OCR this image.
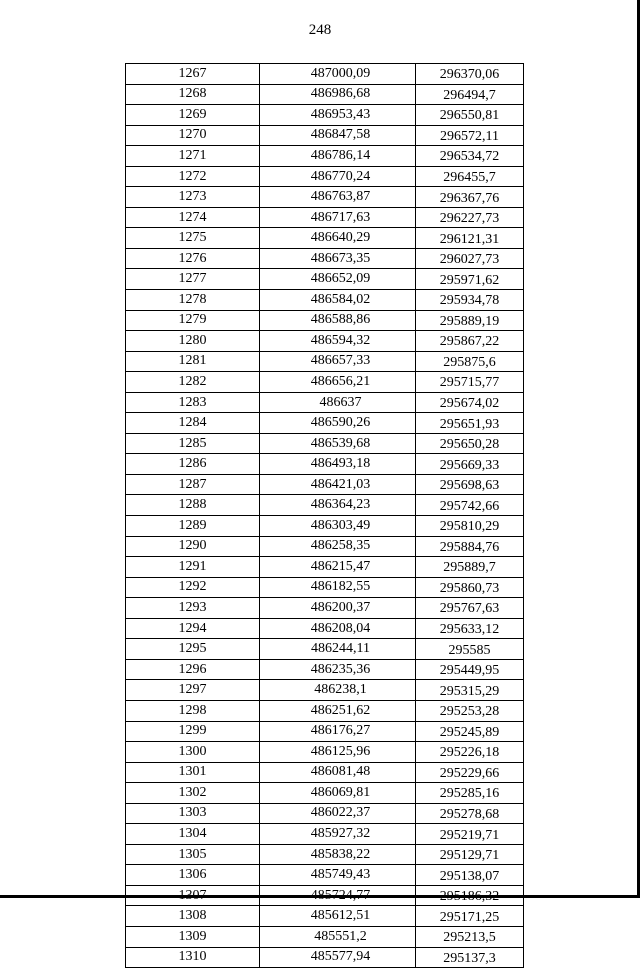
248
1267	487000,09	296370,06
1268	486986,68	296494,7
1269	486953,43	296550,81
1270	486847,58	296572,11
1271	486786,14	296534,72
1272	486770,24	296455,7
1273	486763,87	296367,76
1274	486717,63	296227,73
1275	486640,29	296121,31
1276	486673,35	296027,73
1277	486652,09	295971,62
1278	486584,02	295934,78
1279	486588,86	295889,19
1280	486594,32	295867,22
1281	486657,33	295875,6
1282	486656,21	295715,77
1283	486637	295674,02
1284	486590,26	295651,93
1285	486539,68	295650,28
1286	486493,18	295669,33
1287	486421,03	295698,63
1288	486364,23	295742,66
1289	486303,49	295810,29
1290	486258,35	295884,76
1291	486215,47	295889,7
1292	486182,55	295860,73
1293	486200,37	295767,63
1294	486208,04	295633,12
1295	486244,11	295585
1296	486235,36	295449,95
1297	486238,1	295315,29
1298	486251,62	295253,28
1299	486176,27	295245,89
1300	486125,96	295226,18
1301	486081,48	295229,66
1302	486069,81	295285,16
1303	486022,37	295278,68
1304	485927,32	295219,71
1305	485838,22	295129,71
1306	485749,43	295138,07
1307	485724,77	295186,32
1308	485612,51	295171,25
1309	485551,2	295213,5
1310	485577,94	295137,3
